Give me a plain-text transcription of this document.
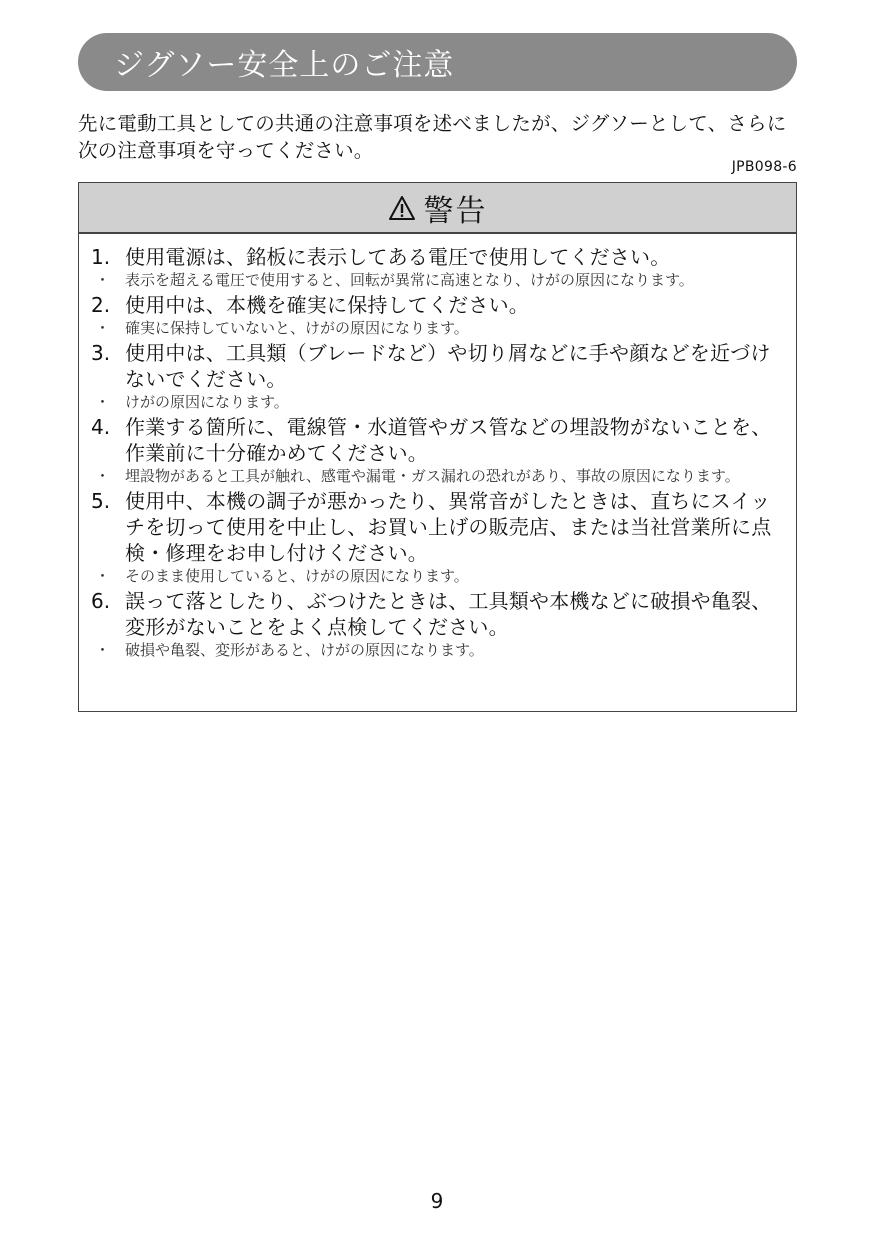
ジグソー安全上のご注意
先に電動工具としての共通の注意事項を述べましたが、ジグソーとして、さらに次の注意事項を守ってください。
JPB098-6
警告
1. 使用電源は、銘板に表示してある電圧で使用してください。
・ 表示を超える電圧で使用すると、回転が異常に高速となり、けがの原因になります。
2. 使用中は、本機を確実に保持してください。
・ 確実に保持していないと、けがの原因になります。
3. 使用中は、工具類（ブレードなど）や切り屑などに手や顔などを近づけないでください。
・ けがの原因になります。
4. 作業する箇所に、電線管・水道管やガス管などの埋設物がないことを、作業前に十分確かめてください。
・ 埋設物があると工具が触れ、感電や漏電・ガス漏れの恐れがあり、事故の原因になります。
5. 使用中、本機の調子が悪かったり、異常音がしたときは、直ちにスイッチを切って使用を中止し、お買い上げの販売店、または当社営業所に点検・修理をお申し付けください。
・ そのまま使用していると、けがの原因になります。
6. 誤って落としたり、ぶつけたときは、工具類や本機などに破損や亀裂、変形がないことをよく点検してください。
・ 破損や亀裂、変形があると、けがの原因になります。
9
